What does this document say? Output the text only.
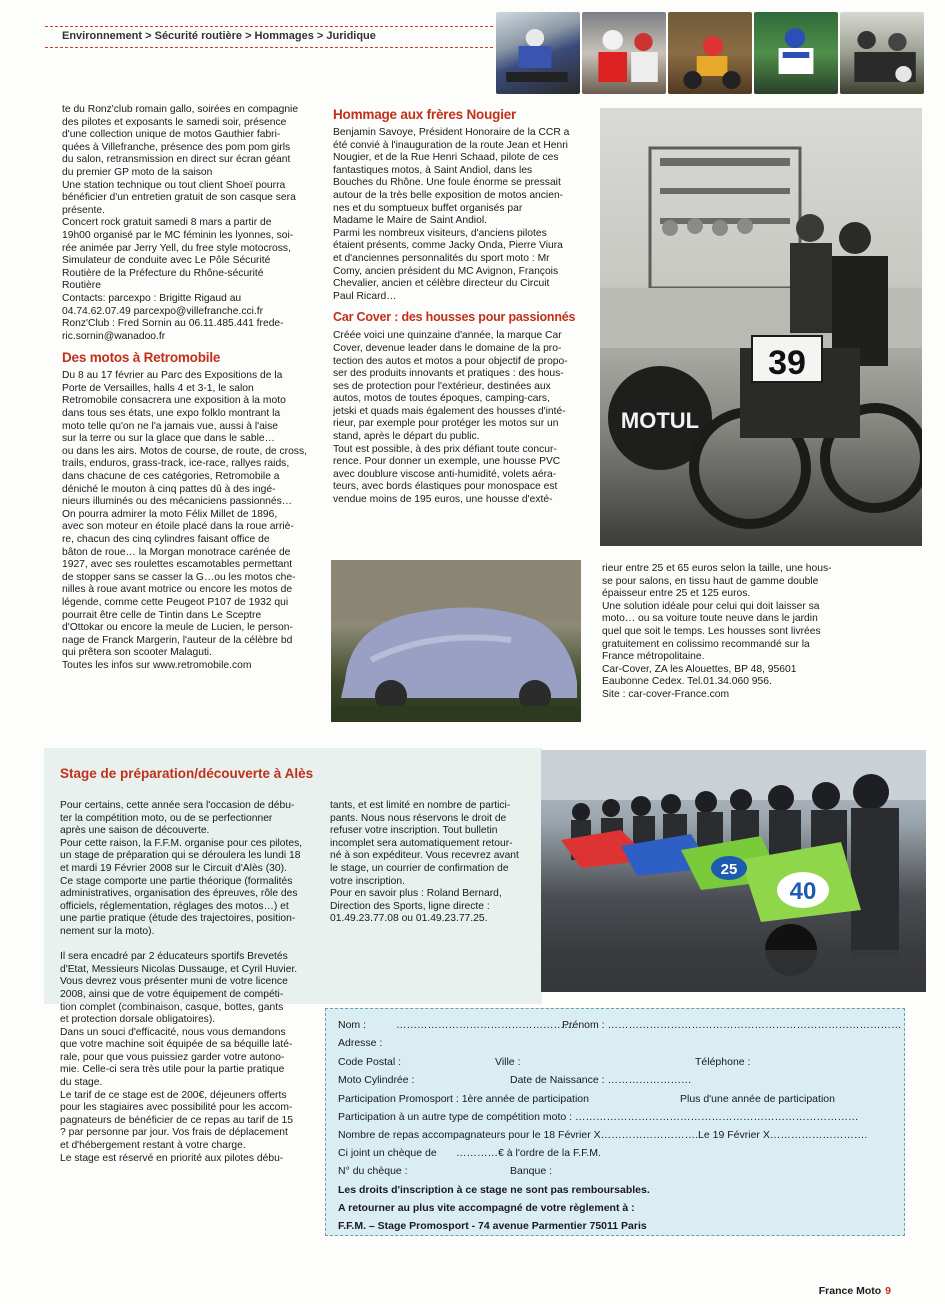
Environnement > Sécurité routière > Hommages > Juridique
te du Ronz'club romain gallo, soirées en compagnie
des pilotes et exposants le samedi soir, présence
d'une collection unique de motos Gauthier fabri-
quées à Villefranche, présence des pom pom girls
du salon, retransmission en direct sur écran géant
du premier GP moto de la saison
Une station technique ou tout client Shoeï pourra
bénéficier d'un entretien gratuit de son casque sera
présente.
Concert rock gratuit samedi 8 mars a partir de
19h00 organisé par le MC féminin les lyonnes, soi-
rée animée par Jerry Yell, du free style motocross,
Simulateur de conduite avec Le Pôle Sécurité
Routière de la Préfecture du Rhône-sécurité
Routière
Contacts: parcexpo : Brigitte Rigaud au
04.74.62.07.49 parcexpo@villefranche.cci.fr
Ronz'Club : Fred Sornin au 06.11.485.441 frede-
ric.sornin@wanadoo.fr
Des motos à Retromobile
Du 8 au 17 février au Parc des Expositions de la
Porte de Versailles, halls 4 et 3-1, le salon
Retromobile consacrera une exposition à la moto
dans tous ses états, une expo folklo montrant la
moto telle qu'on ne l'a jamais vue, aussi à l'aise
sur la terre ou sur la glace que dans le sable…
ou dans les airs. Motos de course, de route, de cross,
trails, enduros, grass-track, ice-race, rallyes raids,
dans chacune de ces catégories, Retromobile a
déniché le mouton à cinq pattes dû à des ingé-
nieurs illuminés ou des mécaniciens passionnés…
On pourra admirer la moto Félix Millet de 1896,
avec son moteur en étoile placé dans la roue arriè-
re, chacun des cinq cylindres faisant office de
bâton de roue… la Morgan monotrace carénée de
1927, avec ses roulettes escamotables permettant
de stopper sans se casser la G…ou les motos che-
nilles à roue avant motrice ou encore les motos de
légende, comme cette Peugeot P107 de 1932 qui
pourrait être celle de Tintin dans Le Sceptre
d'Ottokar ou encore la meule de Lucien, le person-
nage de Franck Margerin, l'auteur de la célèbre bd
qui prêtera son scooter Malaguti.
Toutes les infos sur www.retromobile.com
Hommage aux frères Nougier
Benjamin Savoye, Président Honoraire de la CCR a
été convié à l'inauguration de la route Jean et Henri
Nougier, et de la Rue Henri Schaad, pilote de ces
fantastiques motos, à Saint Andiol, dans les
Bouches du Rhône. Une foule énorme se pressait
autour de la très belle exposition de motos ancien-
nes et du somptueux buffet organisés par
Madame le Maire de Saint Andiol.
Parmi les nombreux visiteurs, d'anciens pilotes
étaient présents, comme Jacky Onda, Pierre Viura
et d'anciennes personnalités du sport moto : Mr
Comy, ancien président du MC Avignon, François
Chevalier, ancien et célèbre directeur du Circuit
Paul Ricard…
Car Cover : des housses pour passionnés
Créée voici une quinzaine d'année, la marque Car
Cover, devenue leader dans le domaine de la pro-
tection des autos et motos a pour objectif de propo-
ser des produits innovants et pratiques : des hous-
ses de protection pour l'extérieur, destinées aux
autos, motos de toutes époques, camping-cars,
jetski et quads mais également des housses d'inté-
rieur, par exemple pour protéger les motos sur un
stand, après le départ du public.
Tout est possible, à des prix défiant toute concur-
rence. Pour donner un exemple, une housse PVC
avec doublure viscose anti-humidité, volets aéra-
teurs, avec bords élastiques pour monospace est
vendue moins de 195 euros, une housse d'exté-
MOTUL
39
rieur entre 25 et 65 euros selon la taille, une hous-
se pour salons, en tissu haut de gamme double
épaisseur entre 25 et 125 euros.
Une solution idéale pour celui qui doit laisser sa
moto… ou sa voiture toute neuve dans le jardin
quel que soit le temps. Les housses sont livrées
gratuitement en colissimo recommandé sur la
France métropolitaine.
Car-Cover, ZA les Alouettes, BP 48, 95601
Eaubonne Cedex. Tel.01.34.060 956.
Site : car-cover-France.com
Stage de préparation/découverte à Alès
Pour certains, cette année sera l'occasion de débu-
ter la compétition moto, ou de se perfectionner
après une saison de découverte.
Pour cette raison, la F.F.M. organise pour ces pilotes,
un stage de préparation qui se déroulera les lundi 18
et mardi 19 Février 2008 sur le Circuit d'Alès (30).
Ce stage comporte une partie théorique (formalités
administratives, organisation des épreuves, rôle des
officiels, réglementation, réglages des motos…) et
une partie pratique (étude des trajectoires, position-
nement sur la moto).

Il sera encadré par 2 éducateurs sportifs Brevetés
d'Etat, Messieurs Nicolas Dussauge, et Cyril Huvier.
Vous devrez vous présenter muni de votre licence
2008, ainsi que de votre équipement de compéti-
tion complet (combinaison, casque, bottes, gants
et protection dorsale obligatoires).
Dans un souci d'efficacité, nous vous demandons
que votre machine soit équipée de sa béquille laté-
rale, pour que vous puissiez garder votre autono-
mie. Celle-ci sera très utile pour la partie pratique
du stage.
Le tarif de ce stage est de 200€, déjeuners offerts
pour les stagiaires avec possibilité pour les accom-
pagnateurs de bénéficier de ce repas au tarif de 15
? par personne par jour. Vos frais de déplacement
et d'hébergement restant à votre charge.
Le stage est réservé en priorité aux pilotes débu-
tants, et est limité en nombre de partici-
pants. Nous nous réservons le droit de
refuser votre inscription. Tout bulletin
incomplet sera automatiquement retour-
né à son expéditeur. Vous recevrez avant
le stage, un courrier de confirmation de
votre inscription.
Pour en savoir plus : Roland Bernard,
Direction des Sports, ligne directe :
01.49.23.77.08 ou 01.49.23.77.25.
25
40
Nom :	……………………………………………
Prénom : …………………………………………………………………………
Adresse :
Code Postal :	Ville :	Téléphone :
Moto Cylindrée :	Date de Naissance : ……………………
Participation Promosport : 1ère année de participation	Plus d'une année de participation
Participation à un autre type de compétition moto : ………………………………………………………………………
Nombre de repas accompagnateurs pour le 18 Février X……………………….Le 19 Février X……………………….
Ci joint un chèque de …………€ à l'ordre de la F.F.M.
N° du chèque :	Banque :
Les droits d'inscription à ce stage ne sont pas remboursables.
A retourner au plus vite accompagné de votre règlement à :
F.F.M. – Stage Promosport - 74 avenue Parmentier 75011 Paris
France Moto 9
